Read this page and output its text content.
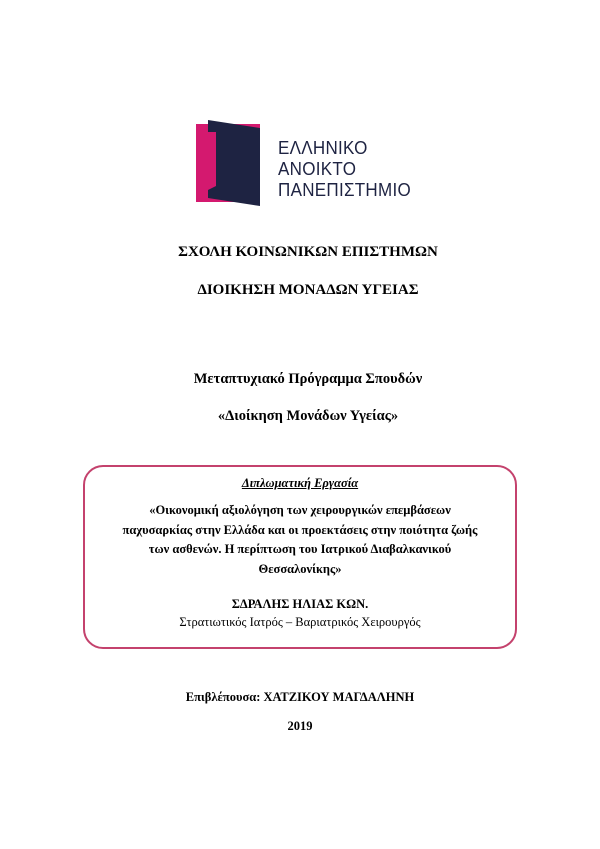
ΕΛΛΗΝΙΚΟ
ΑΝΟΙΚΤΟ
ΠΑΝΕΠΙΣΤΗΜΙΟ
ΣΧΟΛΗ ΚΟΙΝΩΝΙΚΩΝ ΕΠΙΣΤΗΜΩΝ
ΔΙΟΙΚΗΣΗ ΜΟΝΑΔΩΝ ΥΓΕΙΑΣ
Μεταπτυχιακό Πρόγραμμα Σπουδών
«Διοίκηση Μονάδων Υγείας»
Διπλωματική Εργασία
«Οικονομική αξιολόγηση των χειρουργικών επεμβάσεων
παχυσαρκίας στην Ελλάδα και οι προεκτάσεις στην ποιότητα ζωής
των ασθενών. Η περίπτωση του Ιατρικού Διαβαλκανικού
Θεσσαλονίκης»
ΣΔΡΑΛΗΣ ΗΛΙΑΣ ΚΩΝ.
Στρατιωτικός Ιατρός – Βαριατρικός Χειρουργός
Επιβλέπουσα: ΧΑΤΖΙΚΟΥ ΜΑΓΔΑΛΗΝΗ
2019
